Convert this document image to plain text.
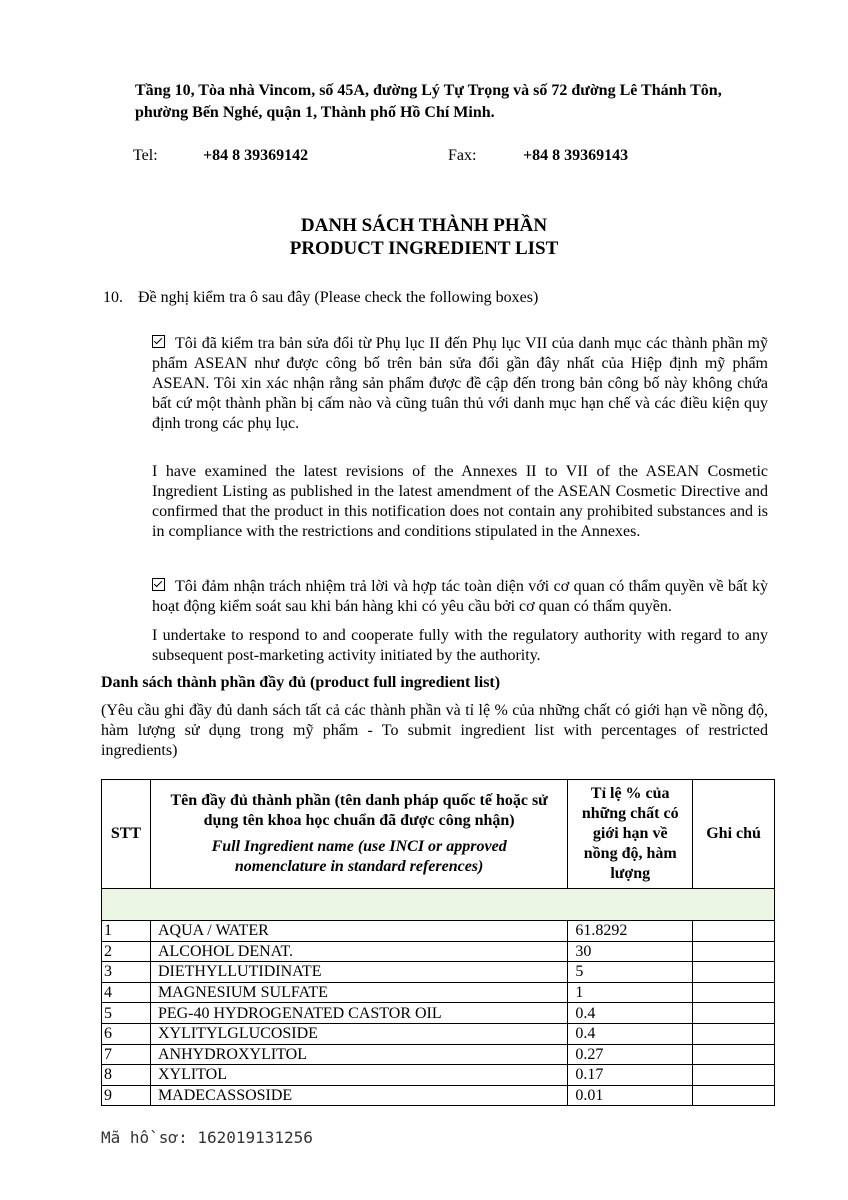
Tầng 10, Tòa nhà Vincom, số 45A, đường Lý Tự Trọng và số 72 đường Lê Thánh Tôn,
phường Bến Nghé, quận 1, Thành phố Hồ Chí Minh.
Tel:	+84 8 39369142	Fax:	+84 8 39369143
DANH SÁCH THÀNH PHẦN
PRODUCT INGREDIENT LIST
10. Đề nghị kiểm tra ô sau đây (Please check the following boxes)
Tôi đã kiểm tra bản sửa đổi từ Phụ lục II đến Phụ lục VII của danh mục các thành phần mỹ phẩm ASEAN như được công bố trên bản sửa đổi gần đây nhất của Hiệp định mỹ phẩm ASEAN. Tôi xin xác nhận rằng sản phẩm được đề cập đến trong bản công bố này không chứa bất cứ một thành phần bị cấm nào và cũng tuân thủ với danh mục hạn chế và các điều kiện quy định trong các phụ lục.
I have examined the latest revisions of the Annexes II to VII of the ASEAN Cosmetic Ingredient Listing as published in the latest amendment of the ASEAN Cosmetic Directive and confirmed that the product in this notification does not contain any prohibited substances and is in compliance with the restrictions and conditions stipulated in the Annexes.
Tôi đảm nhận trách nhiệm trả lời và hợp tác toàn diện với cơ quan có thẩm quyền về bất kỳ hoạt động kiểm soát sau khi bán hàng khi có yêu cầu bởi cơ quan có thẩm quyền.
I undertake to respond to and cooperate fully with the regulatory authority with regard to any subsequent post-marketing activity initiated by the authority.
Danh sách thành phần đầy đủ (product full ingredient list)
(Yêu cầu ghi đầy đủ danh sách tất cả các thành phần và tỉ lệ % của những chất có giới hạn về nồng độ, hàm lượng sử dụng trong mỹ phẩm - To submit ingredient list with percentages of restricted ingredients)
STT	Tên đầy đủ thành phần (tên danh pháp quốc tế hoặc sử dụng tên khoa học chuẩn đã được công nhận)
Full Ingredient name (use INCI or approved nomenclature in standard references)	Tỉ lệ % của những chất có giới hạn về nồng độ, hàm lượng	Ghi chú

1	AQUA / WATER	61.8292	
2	ALCOHOL DENAT.	30	
3	DIETHYLLUTIDINATE	5	
4	MAGNESIUM SULFATE	1	
5	PEG-40 HYDROGENATED CASTOR OIL	0.4	
6	XYLITYLGLUCOSIDE	0.4	
7	ANHYDROXYLITOL	0.27	
8	XYLITOL	0.17	
9	MADECASSOSIDE	0.01	
Mã hồ sơ: 162019131256
